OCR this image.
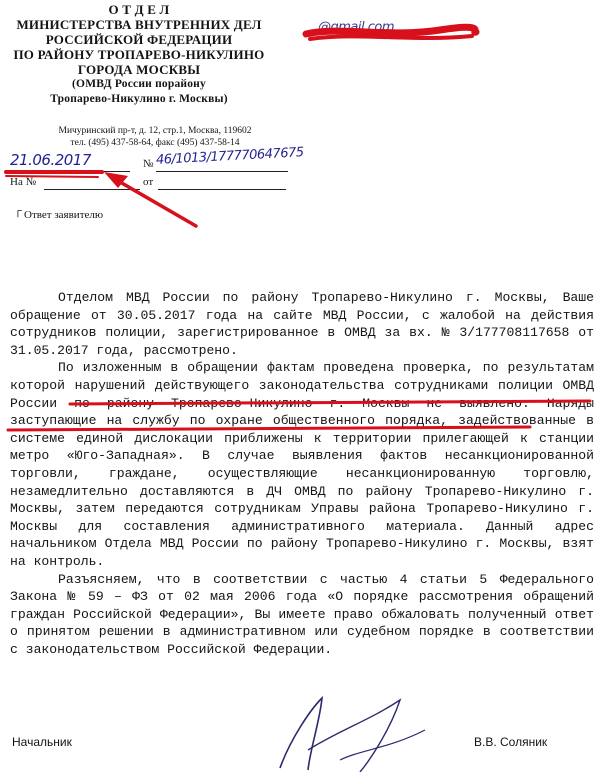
О Т Д Е Л
МИНИСТЕРСТВА ВНУТРЕННИХ ДЕЛ
РОССИЙСКОЙ ФЕДЕРАЦИИ
ПО РАЙОНУ ТРОПАРЕВО-НИКУЛИНО
ГОРОДА МОСКВЫ
(ОМВД России порайону
Тропарево-Никулино г. Москвы)
Мичуринский пр-т, д. 12, стр.1, Москва, 119602
тел. (495) 437-58-64, факс (495) 437-58-14
@gmail.com
21.06.2017	№ 46/1013/177770647675
На №	от
┌ Ответ заявителю

Отделом МВД России по району Тропарево-Никулино г. Москвы, Ваше обращение от 30.05.2017 года на сайте МВД России, с жалобой на действия сотрудников полиции, зарегистрированное в ОМВД за вх. № 3/177708117658 от 31.05.2017 года, рассмотрено.

По изложенным в обращении фактам проведена проверка, по результатам которой нарушений действующего законодательства сотрудниками полиции ОМВД России по району Тропарево-Никулино г. Москвы не выявлено. Наряды заступающие на службу по охране общественного порядка, задействованные в системе единой дислокации приближены к территории прилегающей к станции метро «Юго-Западная». В случае выявления фактов несанкционированной торговли, граждане, осуществляющие несанкционированную торговлю, незамедлительно доставляются в ДЧ ОМВД по району Тропарево-Никулино г. Москвы, затем передаются сотрудникам Управы района Тропарево-Никулино г. Москвы для составления административного материала. Данный адрес начальником Отдела МВД России по району Тропарево-Никулино г. Москвы, взят на контроль.

Разъясняем, что в соответствии с частью 4 статьи 5 Федерального Закона № 59 – ФЗ от 02 мая 2006 года «О порядке рассмотрения обращений граждан Российской Федерации», Вы имеете право обжаловать полученный ответ о принятом решении в административном или судебном порядке в соответствии с законодательством Российской Федерации.

Начальник	В.В. Соляник
